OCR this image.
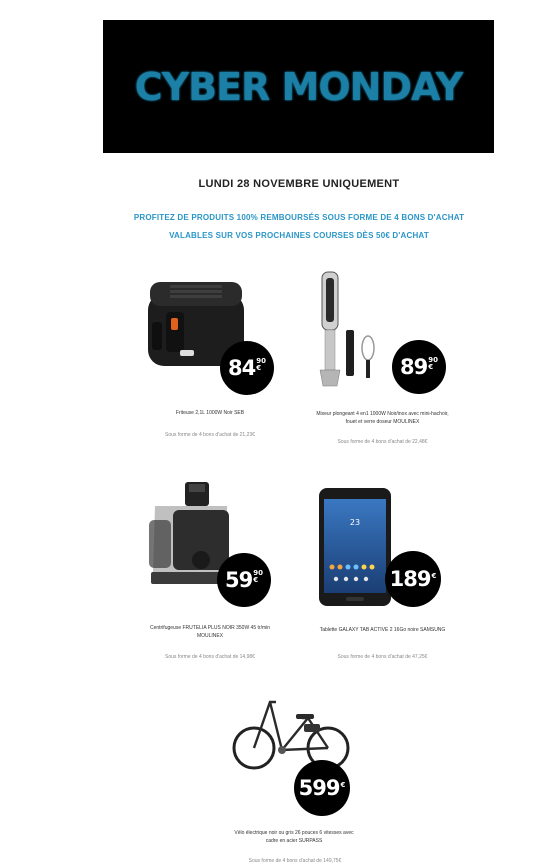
CYBER MONDAY
LUNDI 28 NOVEMBRE UNIQUEMENT
PROFITEZ DE PRODUITS 100% REMBOURSÉS SOUS FORME DE 4 BONS D'ACHAT
VALABLES SUR VOS PROCHAINES COURSES DÈS 50€ D'ACHAT
84 90
€
Friteuse 2,1L 1000W Noir SEB
Sous forme de 4 bons d'achat de 21,23€
89 90
€
Mixeur plongeant 4 en1 1000W Noir/inox avec mini-hachoir, fouet et verre doseur MOULINEX
Sous forme de 4 bons d'achat de 22,48€
59 90
€
Centrifugeuse FRUTELIA PLUS NOIR 350W 45 tr/min MOULINEX
Sous forme de 4 bons d'achat de 14,98€
23
189 €
Tablette GALAXY TAB ACTIVE 2 16Go noire SAMSUNG
Sous forme de 4 bons d'achat de 47,25€
599 €
Vélo électrique noir ou gris 26 pouces 6 vitesses avec cadre en acier SURPASS
Sous forme de 4 bons d'achat de 149,75€
